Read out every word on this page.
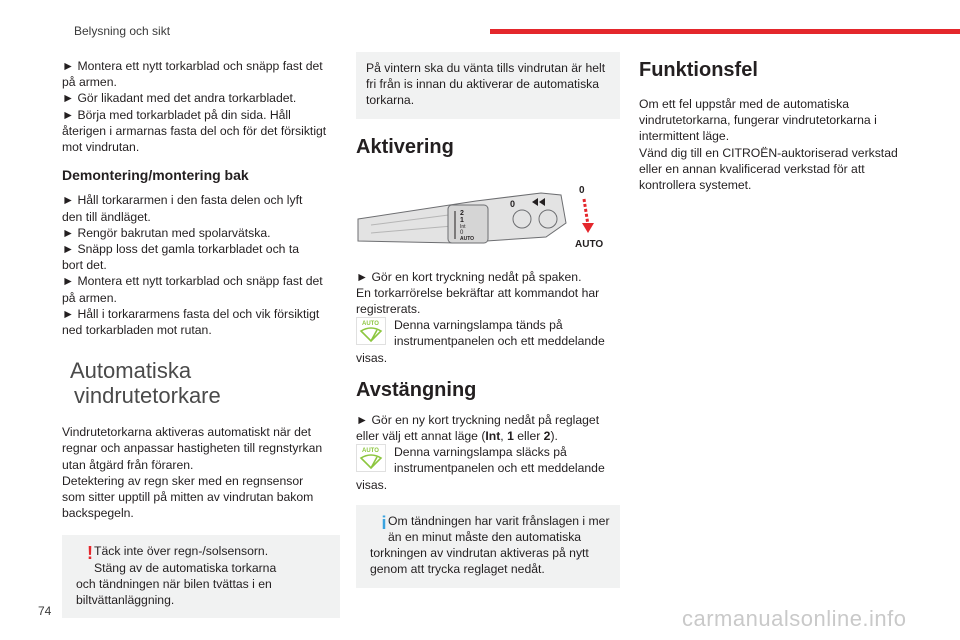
Belysning och sikt

► Montera ett nytt torkarblad och snäpp fast det
på armen.
► Gör likadant med det andra torkarbladet.
► Börja med torkarbladet på din sida. Håll
återigen i armarnas fasta del och för det försiktigt
mot vindrutan.

Demontering/montering bak

► Håll torkararmen i den fasta delen och lyft
den till ändläget.
► Rengör bakrutan med spolarvätska.
► Snäpp loss det gamla torkarbladet och ta
bort det.
► Montera ett nytt torkarblad och snäpp fast det
på armen.
► Håll i torkararmens fasta del och vik försiktigt
ned torkarbladen mot rutan.

Automatiska
vindrutetorkare

Vindrutetorkarna aktiveras automatiskt när det
regnar och anpassar hastigheten till regnstyrkan
utan åtgärd från föraren.
Detektering av regn sker med en regnsensor
som sitter upptill på mitten av vindrutan bakom
backspegeln.

! Täck inte över regn-/solsensorn.
Stäng av de automatiska torkarna
och tändningen när bilen tvättas i en
biltvättanläggning.
På vintern ska du vänta tills vindrutan är helt
fri från is innan du aktiverar de automatiska
torkarna.
Aktivering
2
1
Int
0
AUTO
0
0
AUTO

► Gör en kort tryckning nedåt på spaken.
En torkarrörelse bekräftar att kommandot har
registrerats.

AUTO	Denna varningslampa tänds på
instrumentpanelen och ett meddelande
visas.
Avstängning

► Gör en ny kort tryckning nedåt på reglaget
eller välj ett annat läge (Int, 1 eller 2).

AUTO	Denna varningslampa släcks på
instrumentpanelen och ett meddelande
visas.
i Om tändningen har varit frånslagen i mer
än en minut måste den automatiska
torkningen av vindrutan aktiveras på nytt
genom att trycka reglaget nedåt.
Funktionsfel

Om ett fel uppstår med de automatiska
vindrutetorkarna, fungerar vindrutetorkarna i
intermittent läge.
Vänd dig till en CITROËN-auktoriserad verkstad
eller en annan kvalificerad verkstad för att
kontrollera systemet.

74	carmanualsonline.info
